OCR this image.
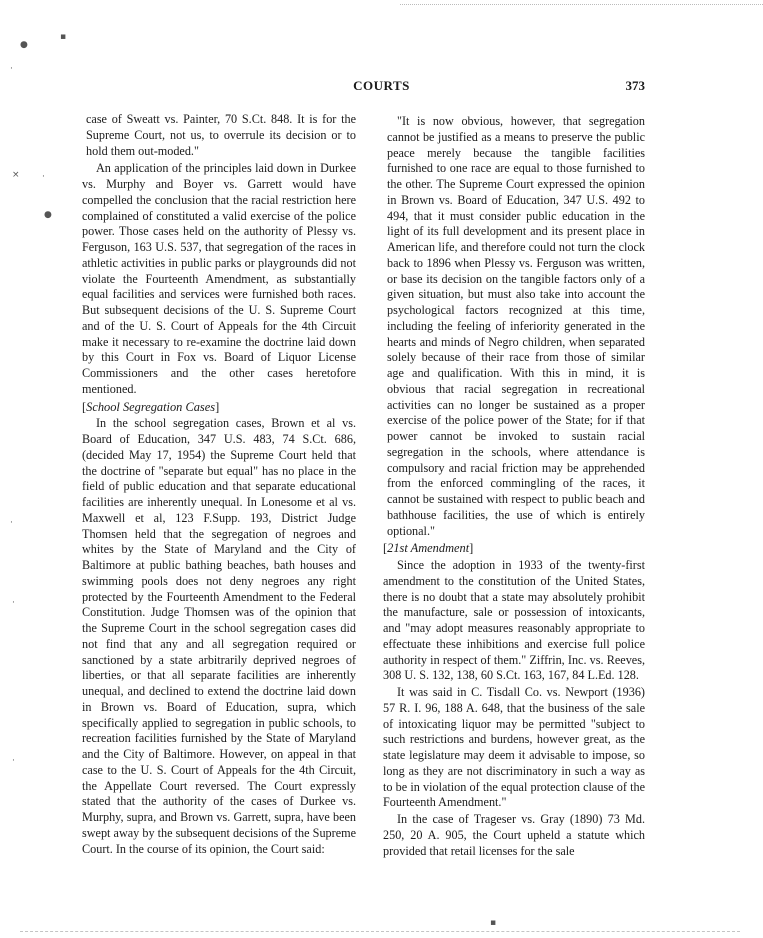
COURTS	373

case of Sweatt vs. Painter, 70 S.Ct. 848. It is for the Supreme Court, not us, to overrule its decision or to hold them out-moded."

An application of the principles laid down in Durkee vs. Murphy and Boyer vs. Garrett would have compelled the conclusion that the racial restriction here complained of constituted a valid exercise of the police power. Those cases held on the authority of Plessy vs. Ferguson, 163 U.S. 537, that segregation of the races in athletic activities in public parks or playgrounds did not violate the Fourteenth Amendment, as substantially equal facilities and services were furnished both races. But subsequent decisions of the U. S. Supreme Court and of the U. S. Court of Appeals for the 4th Circuit make it necessary to re-examine the doctrine laid down by this Court in Fox vs. Board of Liquor License Commissioners and the other cases heretofore mentioned.

[School Segregation Cases]

In the school segregation cases, Brown et al vs. Board of Education, 347 U.S. 483, 74 S.Ct. 686, (decided May 17, 1954) the Supreme Court held that the doctrine of "separate but equal" has no place in the field of public education and that separate educational facilities are inherently unequal. In Lonesome et al vs. Maxwell et al, 123 F.Supp. 193, District Judge Thomsen held that the segregation of negroes and whites by the State of Maryland and the City of Baltimore at public bathing beaches, bath houses and swimming pools does not deny negroes any right protected by the Fourteenth Amendment to the Federal Constitution. Judge Thomsen was of the opinion that the Supreme Court in the school segregation cases did not find that any and all segregation required or sanctioned by a state arbitrarily deprived negroes of liberties, or that all separate facilities are inherently unequal, and declined to extend the doctrine laid down in Brown vs. Board of Education, supra, which specifically applied to segregation in public schools, to recreation facilities furnished by the State of Maryland and the City of Baltimore. However, on appeal in that case to the U. S. Court of Appeals for the 4th Circuit, the Appellate Court reversed. The Court expressly stated that the authority of the cases of Durkee vs. Murphy, supra, and Brown vs. Garrett, supra, have been swept away by the subsequent decisions of the Supreme Court. In the course of its opinion, the Court said:

"It is now obvious, however, that segregation cannot be justified as a means to preserve the public peace merely because the tangible facilities furnished to one race are equal to those furnished to the other. The Supreme Court expressed the opinion in Brown vs. Board of Education, 347 U.S. 492 to 494, that it must consider public education in the light of its full development and its present place in American life, and therefore could not turn the clock back to 1896 when Plessy vs. Ferguson was written, or base its decision on the tangible factors only of a given situation, but must also take into account the psychological factors recognized at this time, including the feeling of inferiority generated in the hearts and minds of Negro children, when separated solely because of their race from those of similar age and qualification. With this in mind, it is obvious that racial segregation in recreational activities can no longer be sustained as a proper exercise of the police power of the State; for if that power cannot be invoked to sustain racial segregation in the schools, where attendance is compulsory and racial friction may be apprehended from the enforced commingling of the races, it cannot be sustained with respect to public beach and bathhouse facilities, the use of which is entirely optional."

[21st Amendment]

Since the adoption in 1933 of the twenty-first amendment to the constitution of the United States, there is no doubt that a state may absolutely prohibit the manufacture, sale or possession of intoxicants, and "may adopt measures reasonably appropriate to effectuate these inhibitions and exercise full police authority in respect of them." Ziffrin, Inc. vs. Reeves, 308 U. S. 132, 138, 60 S.Ct. 163, 167, 84 L.Ed. 128.

It was said in C. Tisdall Co. vs. Newport (1936) 57 R. I. 96, 188 A. 648, that the business of the sale of intoxicating liquor may be permitted "subject to such restrictions and burdens, however great, as the state legislature may deem it advisable to impose, so long as they are not discriminatory in such a way as to be in violation of the equal protection clause of the Fourteenth Amendment."

In the case of Trageser vs. Gray (1890) 73 Md. 250, 20 A. 905, the Court upheld a statute which provided that retail licenses for the sale

●
▪
·
× ·
●
·
·
·
▪
